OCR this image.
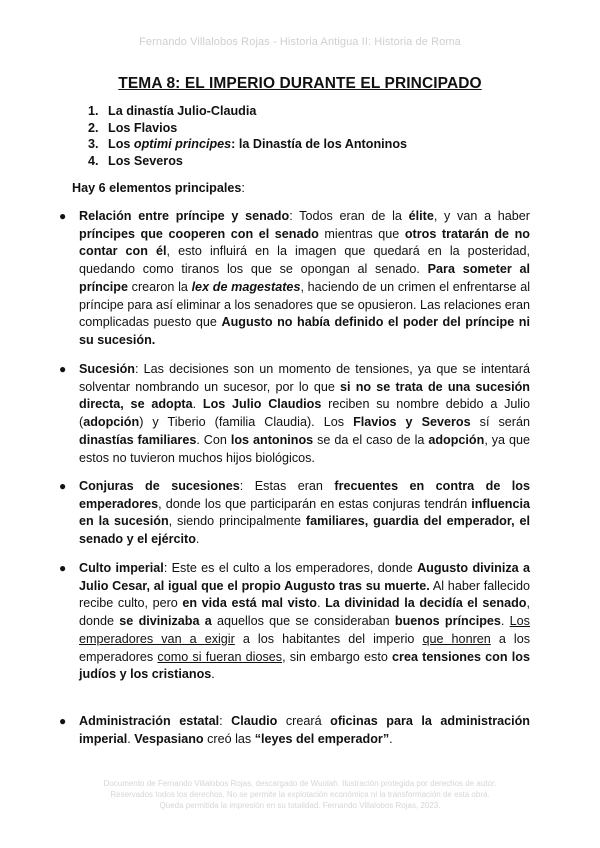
Fernando Villalobos Rojas - Historia Antigua II: Historia de Roma
TEMA 8: EL IMPERIO DURANTE EL PRINCIPADO
1. La dinastía Julio-Claudia
2. Los Flavios
3. Los optimi principes: la Dinastía de los Antoninos
4. Los Severos
Hay 6 elementos principales:
● Relación entre príncipe y senado: Todos eran de la élite, y van a haber príncipes que cooperen con el senado mientras que otros tratarán de no contar con él, esto influirá en la imagen que quedará en la posteridad, quedando como tiranos los que se opongan al senado. Para someter al príncipe crearon la lex de magestates, haciendo de un crimen el enfrentarse al príncipe para así eliminar a los senadores que se opusieron. Las relaciones eran complicadas puesto que Augusto no había definido el poder del príncipe ni su sucesión.
● Sucesión: Las decisiones son un momento de tensiones, ya que se intentará solventar nombrando un sucesor, por lo que si no se trata de una sucesión directa, se adopta. Los Julio Claudios reciben su nombre debido a Julio (adopción) y Tiberio (familia Claudia). Los Flavios y Severos sí serán dinastías familiares. Con los antoninos se da el caso de la adopción, ya que estos no tuvieron muchos hijos biológicos.
● Conjuras de sucesiones: Estas eran frecuentes en contra de los emperadores, donde los que participarán en estas conjuras tendrán influencia en la sucesión, siendo principalmente familiares, guardia del emperador, el senado y el ejército.
● Culto imperial: Este es el culto a los emperadores, donde Augusto diviniza a Julio Cesar, al igual que el propio Augusto tras su muerte. Al haber fallecido recibe culto, pero en vida está mal visto. La divinidad la decidía el senado, donde se divinizaba a aquellos que se consideraban buenos príncipes. Los emperadores van a exigir a los habitantes del imperio que honren a los emperadores como si fueran dioses, sin embargo esto crea tensiones con los judíos y los cristianos.
● Administración estatal: Claudio creará oficinas para la administración imperial. Vespasiano creó las “leyes del emperador”.
Documento de Fernando Villalobos Rojas, descargado de Wuolah. Ilustración protegida por derechos de autor.
Reservados todos los derechos. No se permite la explotación económica ni la transformación de esta obra.
Queda permitida la impresión en su totalidad. Fernando Villalobos Rojas, 2023.
